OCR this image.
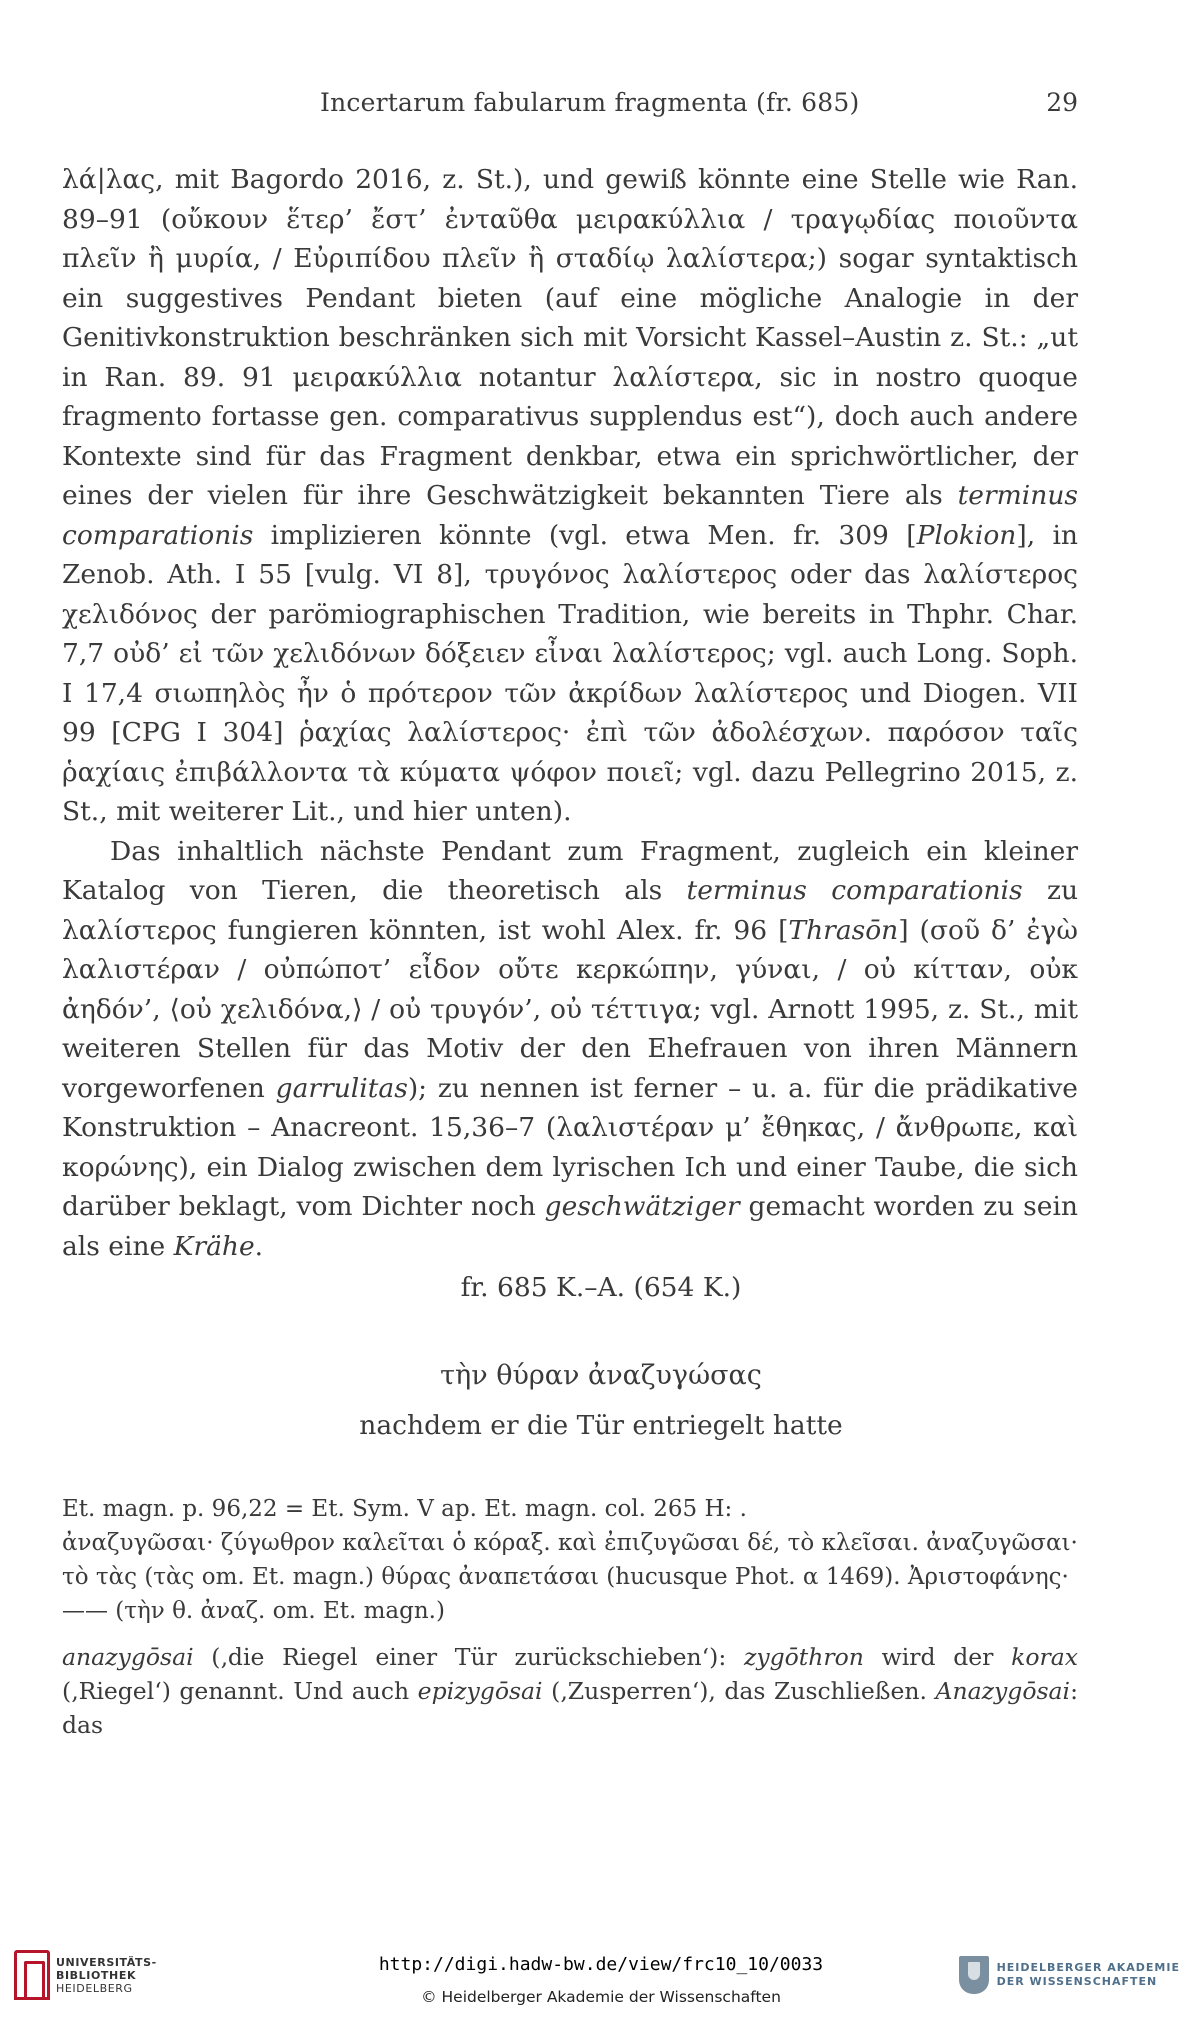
Incertarum fabularum fragmenta (fr. 685)	29

λά|λας, mit Bagordo 2016, z. St.), und gewiß könnte eine Stelle wie Ran. 89–91 (οὔκουν ἕτερ’ ἔστ’ ἐνταῦθα μειρακύλλια / τραγῳδίας ποιοῦντα πλεῖν ἢ μυρία, / Εὐριπίδου πλεῖν ἢ σταδίῳ λαλίστερα;) sogar syntaktisch ein suggestives Pendant bieten (auf eine mögliche Analogie in der Genitivkonstruktion beschränken sich mit Vorsicht Kassel–Austin z. St.: „ut in Ran. 89. 91 μειρακύλλια notantur λαλίστερα, sic in nostro quoque fragmento fortasse gen. comparativus supplendus est“), doch auch andere Kontexte sind für das Fragment denkbar, etwa ein sprichwörtlicher, der eines der vielen für ihre Geschwätzigkeit bekannten Tiere als terminus comparationis implizieren könnte (vgl. etwa Men. fr. 309 [Plokion], in Zenob. Ath. I 55 [vulg. VI 8], τρυγόνος λαλίστερος oder das λαλίστερος χελιδόνος der parömiographischen Tradition, wie bereits in Thphr. Char. 7,7 οὐδ’ εἰ τῶν χελιδόνων δόξειεν εἶναι λαλίστερος; vgl. auch Long. Soph. I 17,4 σιωπηλὸς ἦν ὁ πρότερον τῶν ἀκρίδων λαλίστερος und Diogen. VII 99 [CPG I 304] ῥαχίας λαλίστερος· ἐπὶ τῶν ἀδολέσχων. παρόσον ταῖς ῥαχίαις ἐπιβάλλοντα τὰ κύματα ψόφον ποιεῖ; vgl. dazu Pellegrino 2015, z. St., mit weiterer Lit., und hier unten).

Das inhaltlich nächste Pendant zum Fragment, zugleich ein kleiner Katalog von Tieren, die theoretisch als terminus comparationis zu λαλίστερος fungieren könnten, ist wohl Alex. fr. 96 [Thrasōn] (σοῦ δ’ ἐγὼ λαλιστέραν / οὐπώποτ’ εἶδον οὔτε κερκώπην, γύναι, / οὐ κίτταν, οὐκ ἀηδόν’, ⟨οὐ χελιδόνα,⟩ / οὐ τρυγόν’, οὐ τέττιγα; vgl. Arnott 1995, z. St., mit weiteren Stellen für das Motiv der den Ehefrauen von ihren Männern vorgeworfenen garrulitas); zu nennen ist ferner – u. a. für die prädikative Konstruktion – Anacreont. 15,36–7 (λαλιστέραν μ’ ἔθηκας, / ἄνθρωπε, καὶ κορώνης), ein Dialog zwischen dem lyrischen Ich und einer Taube, die sich darüber beklagt, vom Dichter noch geschwätziger gemacht worden zu sein als eine Krähe.

fr. 685 K.–A. (654 K.)
τὴν θύραν ἀναζυγώσας
nachdem er die Tür entriegelt hatte

Et. magn. p. 96,22 = Et. Sym. V ap. Et. magn. col. 265 H: .

ἀναζυγῶσαι· ζύγωθρον καλεῖται ὁ κόραξ. καὶ ἐπιζυγῶσαι δέ, τὸ κλεῖσαι. ἀναζυγῶσαι· τὸ τὰς (τὰς om. Et. magn.) θύρας ἀναπετάσαι (hucusque Phot. α 1469). Ἀριστοφάνης·

—— (τὴν θ. ἀναζ. om. Et. magn.)

anazygōsai (‚die Riegel einer Tür zurückschieben‘): zygōthron wird der korax (‚Riegel‘) genannt. Und auch epizygōsai (‚Zusperren‘), das Zuschließen. Anazygōsai: das
UNIVERSITÄTS-
BIBLIOTHEK
HEIDELBERG
http://digi.hadw-bw.de/view/frc10_10/0033
© Heidelberger Akademie der Wissenschaften
HEIDELBERGER AKADEMIE
DER WISSENSCHAFTEN
